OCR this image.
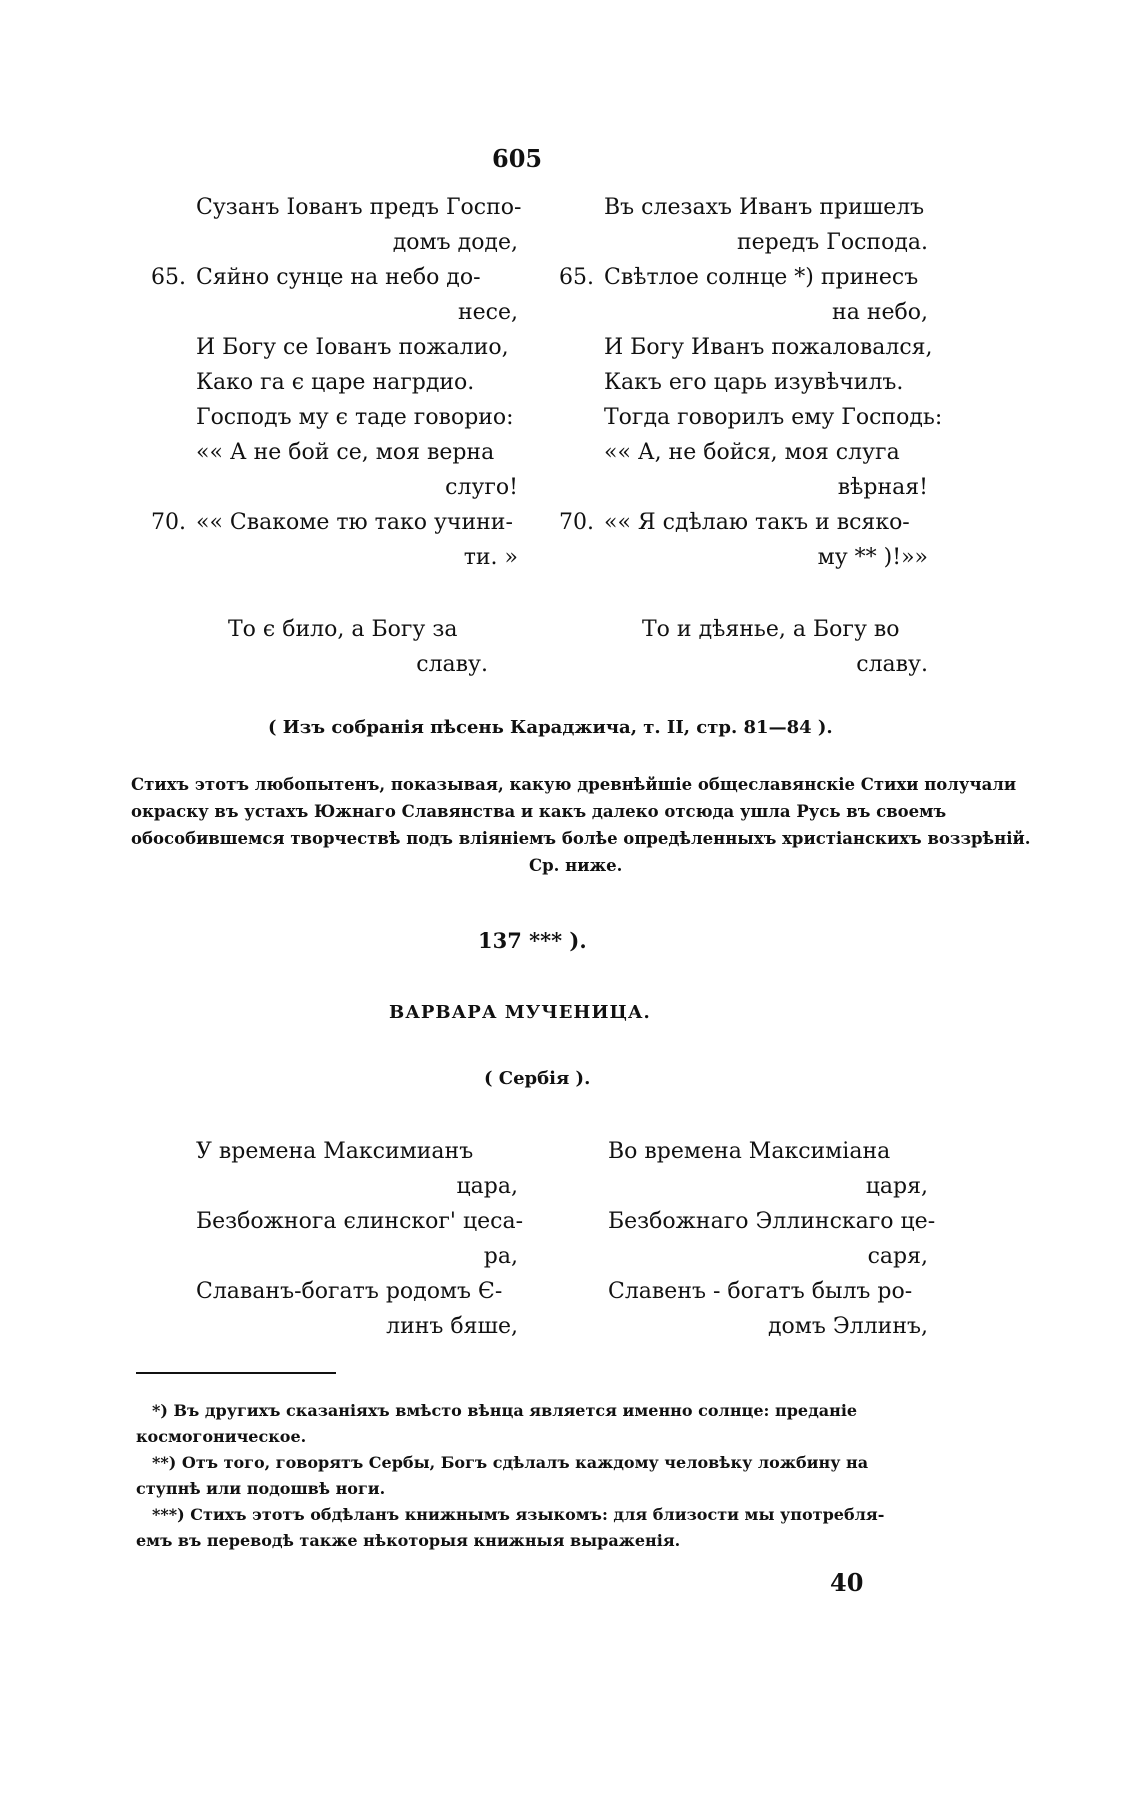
605
Сузанъ Іованъ предъ Госпо-
домъ доде,
65. Сяйно сунце на небо до-
несе,
И Богу се Іованъ пожалио,
Како га є царе нагрдио.
Господъ му є таде говорио:
«« А не бой се, моя верна
слуго!
70. «« Свакоме тю тако учини-
ти. »
Въ слезахъ Иванъ пришелъ
передъ Господа.
65. Свѣтлое солнце *) принесъ
на небо,
И Богу Иванъ пожаловался,
Какъ его царь изувѣчилъ.
Тогда говорилъ ему Господь:
«« А, не бойся, моя слуга
вѣрная!
70. «« Я сдѣлаю такъ и всяко-
му ** )!»»
То є било, а Богу за
славу.
То и дѣянье, а Богу во
славу.
( Изъ собранія пѣсень Караджича, т. II, стр. 81—84 ).
Стихъ этотъ любопытенъ, показывая, какую древнѣйшіе общеславянскіе Стихи получали
окраску въ устахъ Южнаго Славянства и какъ далеко отсюда ушла Русь въ своемъ
обособившемся творчествѣ подъ вліяніемъ болѣе опредѣленныхъ христіанскихъ воззрѣній.
Ср. ниже.
137 *** ).
ВАРВАРА МУЧЕНИЦА.
( Сербія ).
У времена Максимианъ
цара,
Безбожнога єлинског' цеса-
ра,
Славанъ-богатъ родомъ Є-
линъ бяше,
Во времена Максиміана
царя,
Безбожнаго Эллинскаго це-
саря,
Славенъ - богатъ былъ ро-
домъ Эллинъ,
*) Въ другихъ сказаніяхъ вмѣсто вѣнца является именно солнце: преданіе
космогоническое.
**) Отъ того, говорятъ Сербы, Богъ сдѣлалъ каждому человѣку ложбину на
ступнѣ или подошвѣ ноги.
***) Стихъ этотъ обдѣланъ книжнымъ языкомъ: для близости мы употребля-
емъ въ переводѣ также нѣкоторыя книжныя выраженія.
40
